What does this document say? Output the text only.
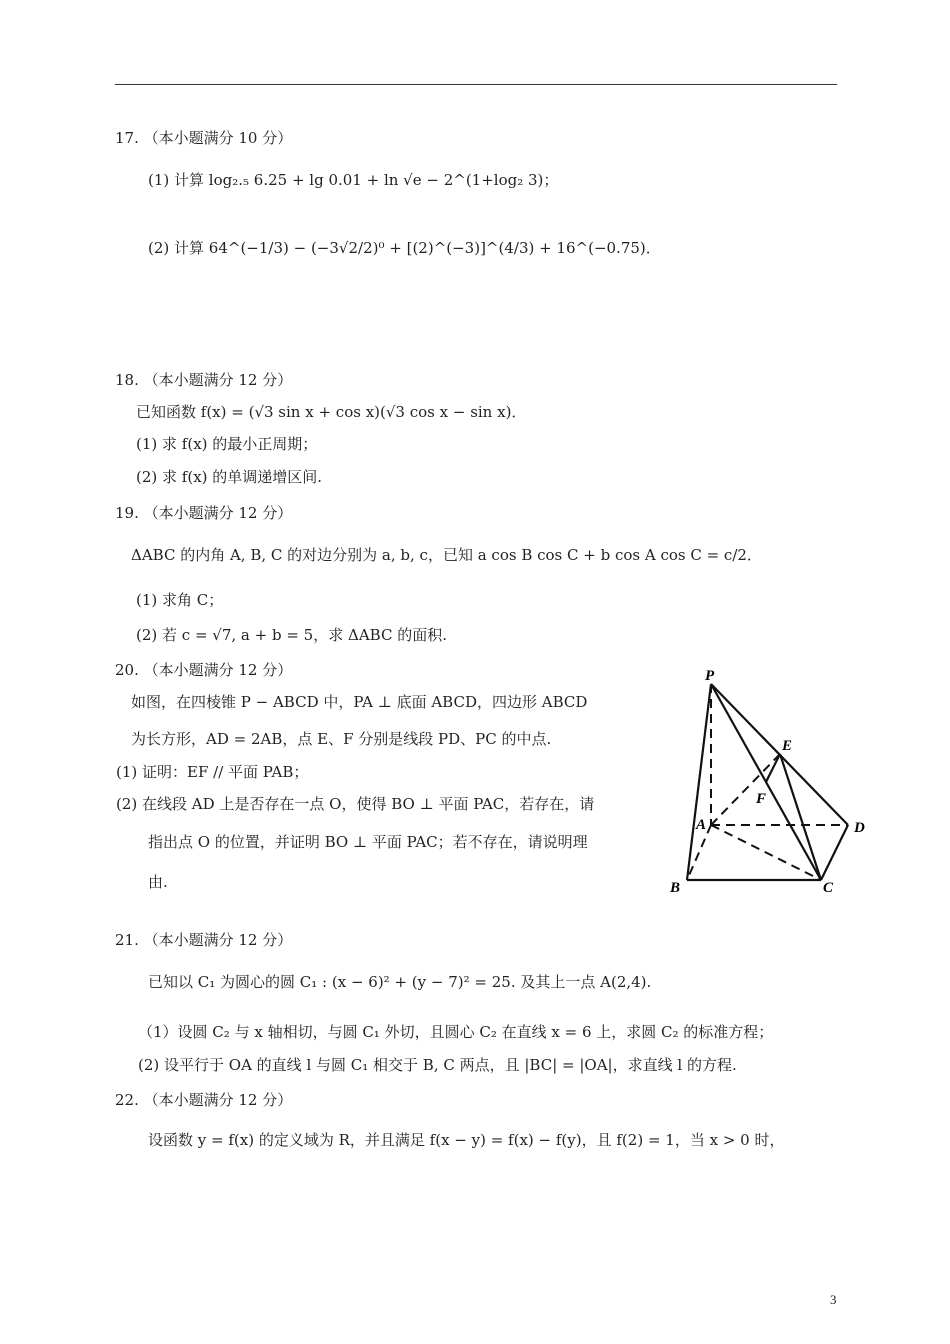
17. （本小题满分 10 分）
(1) 计算 log₂.₅ 6.25 + lg 0.01 + ln √e − 2^(1+log₂ 3)；
(2) 计算 64^(−1/3) − (−3√2/2)⁰ + [(2)^(−3)]^(4/3) + 16^(−0.75)．
18. （本小题满分 12 分）
已知函数 f(x) = (√3 sin x + cos x)(√3 cos x − sin x)．
(1) 求 f(x) 的最小正周期；
(2) 求 f(x) 的单调递增区间.
19. （本小题满分 12 分）
ΔABC 的内角 A, B, C 的对边分别为 a, b, c，已知 a cos B cos C + b cos A cos C = c/2．
(1) 求角 C；
(2) 若 c = √7, a + b = 5，求 ΔABC 的面积.
20. （本小题满分 12 分）
如图，在四棱锥 P − ABCD 中，PA ⊥ 底面 ABCD，四边形 ABCD
为长方形，AD = 2AB，点 E、F 分别是线段 PD、PC 的中点.
(1) 证明：EF // 平面 PAB；
(2) 在线段 AD 上是否存在一点 O，使得 BO ⊥ 平面 PAC，若存在，请
指出点 O 的位置，并证明 BO ⊥ 平面 PAC；若不存在，请说明理
由.
P
E
F
A	D
B	C
21. （本小题满分 12 分）
已知以 C₁ 为圆心的圆 C₁ : (x − 6)² + (y − 7)² = 25. 及其上一点 A(2,4).
（1）设圆 C₂ 与 x 轴相切，与圆 C₁ 外切，且圆心 C₂ 在直线 x = 6 上，求圆 C₂ 的标准方程；
(2) 设平行于 OA 的直线 l 与圆 C₁ 相交于 B, C 两点，且 |BC| = |OA|，求直线 l 的方程.
22. （本小题满分 12 分）
设函数 y = f(x) 的定义域为 R，并且满足 f(x − y) = f(x) − f(y)，且 f(2) = 1，当 x > 0 时，
3
